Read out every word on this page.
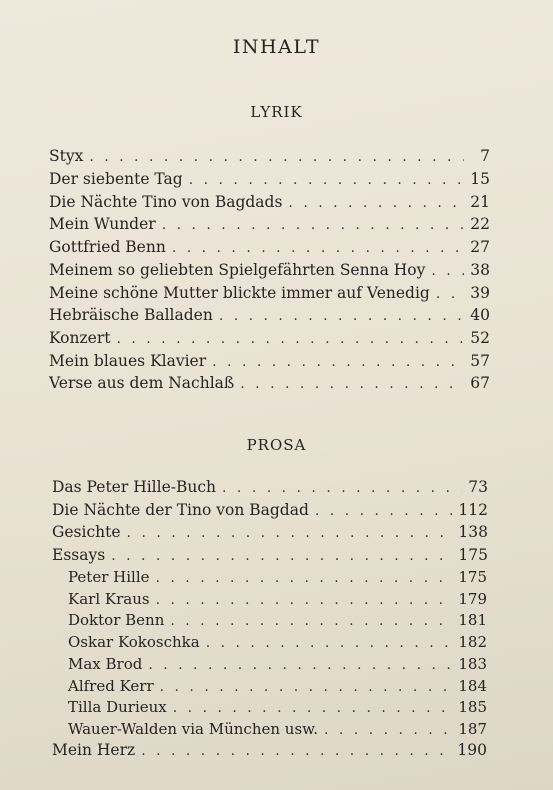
INHALT
LYRIK
Styx . . .	7
Der siebente Tag . . .	15
Die Nächte Tino von Bagdads . . .	21
Mein Wunder . . .	22
Gottfried Benn . . .	27
Meinem so geliebten Spielgefährten Senna Hoy . . .	38
Meine schöne Mutter blickte immer auf Venedig . . .	39
Hebräische Balladen . . .	40
Konzert . . .	52
Mein blaues Klavier . . .	57
Verse aus dem Nachlaß . . .	67
PROSA
Das Peter Hille-Buch . . .	73
Die Nächte der Tino von Bagdad . . .	112
Gesichte . . .	138
Essays . . .	175
Peter Hille . . .	175
Karl Kraus . . .	179
Doktor Benn . . .	181
Oskar Kokoschka . . .	182
Max Brod . . .	183
Alfred Kerr . . .	184
Tilla Durieux . . .	185
Wauer-Walden via München usw. . . .	187
Mein Herz . . .	190
